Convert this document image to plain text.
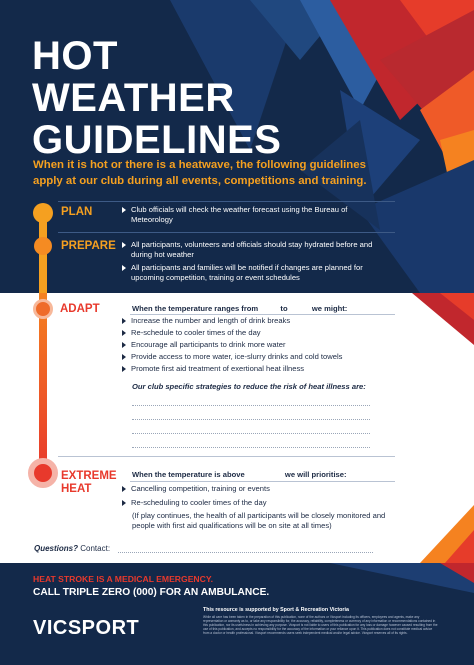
HOT
WEATHER
GUIDELINES
When it is hot or there is a heatwave, the following guidelines apply at our club during all events, competitions and training.
PLAN	Club officials will check the weather forecast using the Bureau of Meteorology
PREPARE	All participants, volunteers and officials should stay hydrated before and during hot weather
All participants and families will be notified if changes are planned for upcoming competition, training or event schedules
ADAPT	When the temperature ranges from	to	we might:
Increase the number and length of drink breaks
Re-schedule to cooler times of the day
Encourage all participants to drink more water
Provide access to more water, ice-slurry drinks and cold towels
Promote first aid treatment of exertional heat illness
Our club specific strategies to reduce the risk of heat illness are:
EXTREME
HEAT
When the temperature is above	we will prioritise:
Cancelling competition, training or events
Re-scheduling to cooler times of the day
(If play continues, the health of all participants will be closely monitored and people with first aid qualifications will be on site at all times)
Questions? Contact:
HEAT STROKE IS A MEDICAL EMERGENCY.
CALL TRIPLE ZERO (000) FOR AN AMBULANCE.
VICSPORT
This resource is supported by Sport & Recreation Victoria
While all care has been taken in the preparation of this publication, none of the authors or Vicsport including its officers, employees and agents, make any representation or warranty as to, or take any responsibility for, the accuracy, reliability, completeness or currency of any information or recommendations contained in this publication, nor its usefulness in achieving any purpose. Vicsport is not liable to users of this publication for any loss or damage however caused resulting from the use of this publication, and accepts no responsibility for the accuracy of the information or your reliance upon it. This publication does not constitute medical advice from a doctor or health professional. Vicsport recommends users seek independent medical and/or legal advice. Vicsport reserves all of its rights.
